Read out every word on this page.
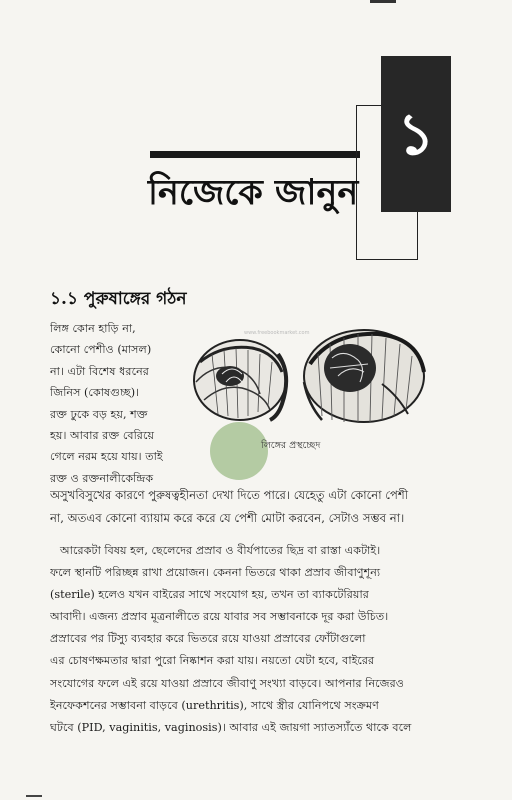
১
নিজেকে জানুন
১.১ পুরুষাঙ্গের গঠন
লিঙ্গ কোন হাড়ি না,
কোনো পেশীও (মাসল)
না। এটা বিশেষ ধরনের
জিনিস (কোষগুচ্ছ)।
রক্ত ঢুকে বড় হয়, শক্ত
হয়। আবার রক্ত বেরিয়ে
গেলে নরম হয়ে যায়। তাই
রক্ত ও রক্তনালীকেন্দ্রিক
www.freebookmarket.com
লিঙ্গের প্রস্থচ্ছেদ
অসুখবিসুখের কারণে পুরুষত্বহীনতা দেখা দিতে পারে। যেহেতু এটা কোনো পেশী
না, অতএব কোনো ব্যায়াম করে করে যে পেশী মোটা করবেন, সেটাও সম্ভব না।
আরেকটা বিষয় হল, ছেলেদের প্রস্রাব ও বীর্যপাতের ছিদ্র বা রাস্তা একটাই।
ফলে স্থানটি পরিচ্ছন্ন রাখা প্রয়োজন। কেননা ভিতরে থাকা প্রস্রাব জীবাণুশূন্য
(sterile) হলেও যখন বাইরের সাথে সংযোগ হয়, তখন তা ব্যাকটেরিয়ার
আবাদী। এজন্য প্রস্রাব মূত্রনালীতে রয়ে যাবার সব সম্ভাবনাকে দূর করা উচিত।
প্রস্রাবের পর টিস্যু ব্যবহার করে ভিতরে রয়ে যাওয়া প্রস্রাবের ফোঁটাগুলো
এর চোষণক্ষমতার দ্বারা পুরো নিষ্কাশন করা যায়। নয়তো যেটা হবে, বাইরের
সংযোগের ফলে এই রয়ে যাওয়া প্রস্রাবে জীবাণু সংখ্যা বাড়বে। আপনার নিজেরও
ইনফেকশনের সম্ভাবনা বাড়বে (urethritis), সাথে স্ত্রীর যোনিপথে সংক্রমণ
ঘটবে (PID, vaginitis, vaginosis)। আবার এই জায়গা স্যাতস্যাঁতে থাকে বলে
